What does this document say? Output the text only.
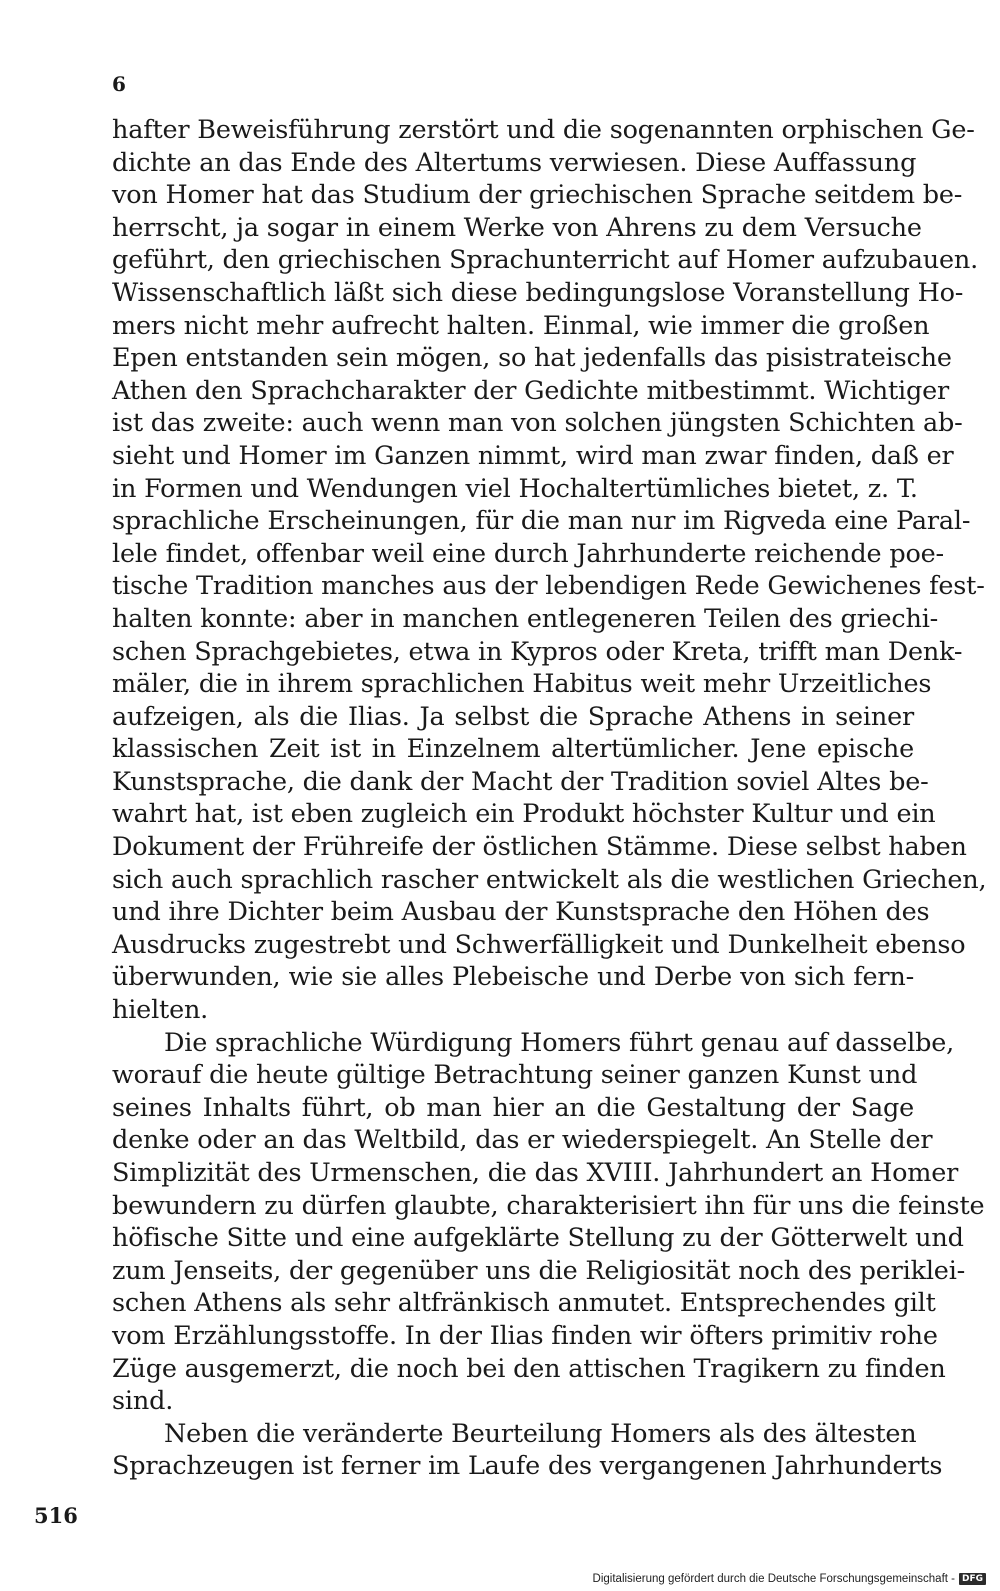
6
hafter Beweisführung zerstört und die sogenannten orphischen Ge-
dichte an das Ende des Altertums verwiesen. Diese Auffassung
von Homer hat das Studium der griechischen Sprache seitdem be-
herrscht, ja sogar in einem Werke von Ahrens zu dem Versuche
geführt, den griechischen Sprachunterricht auf Homer aufzubauen.
Wissenschaftlich läßt sich diese bedingungslose Voranstellung Ho-
mers nicht mehr aufrecht halten. Einmal, wie immer die großen
Epen entstanden sein mögen, so hat jedenfalls das pisistrateische
Athen den Sprachcharakter der Gedichte mitbestimmt. Wichtiger
ist das zweite: auch wenn man von solchen jüngsten Schichten ab-
sieht und Homer im Ganzen nimmt, wird man zwar finden, daß er
in Formen und Wendungen viel Hochaltertümliches bietet, z. T.
sprachliche Erscheinungen, für die man nur im Rigveda eine Paral-
lele findet, offenbar weil eine durch Jahrhunderte reichende poe-
tische Tradition manches aus der lebendigen Rede Gewichenes fest-
halten konnte: aber in manchen entlegeneren Teilen des griechi-
schen Sprachgebietes, etwa in Kypros oder Kreta, trifft man Denk-
mäler, die in ihrem sprachlichen Habitus weit mehr Urzeitliches
aufzeigen, als die Ilias. Ja selbst die Sprache Athens in seiner
klassischen Zeit ist in Einzelnem altertümlicher. Jene epische
Kunstsprache, die dank der Macht der Tradition soviel Altes be-
wahrt hat, ist eben zugleich ein Produkt höchster Kultur und ein
Dokument der Frühreife der östlichen Stämme. Diese selbst haben
sich auch sprachlich rascher entwickelt als die westlichen Griechen,
und ihre Dichter beim Ausbau der Kunstsprache den Höhen des
Ausdrucks zugestrebt und Schwerfälligkeit und Dunkelheit ebenso
überwunden, wie sie alles Plebeische und Derbe von sich fern-
hielten.
Die sprachliche Würdigung Homers führt genau auf dasselbe,
worauf die heute gültige Betrachtung seiner ganzen Kunst und
seines Inhalts führt, ob man hier an die Gestaltung der Sage
denke oder an das Weltbild, das er wiederspiegelt. An Stelle der
Simplizität des Urmenschen, die das XVIII. Jahrhundert an Homer
bewundern zu dürfen glaubte, charakterisiert ihn für uns die feinste
höfische Sitte und eine aufgeklärte Stellung zu der Götterwelt und
zum Jenseits, der gegenüber uns die Religiosität noch des periklei-
schen Athens als sehr altfränkisch anmutet. Entsprechendes gilt
vom Erzählungsstoffe. In der Ilias finden wir öfters primitiv rohe
Züge ausgemerzt, die noch bei den attischen Tragikern zu finden
sind.
Neben die veränderte Beurteilung Homers als des ältesten
Sprachzeugen ist ferner im Laufe des vergangenen Jahrhunderts
516
Digitalisierung gefördert durch die Deutsche Forschungsgemeinschaft - DFG
